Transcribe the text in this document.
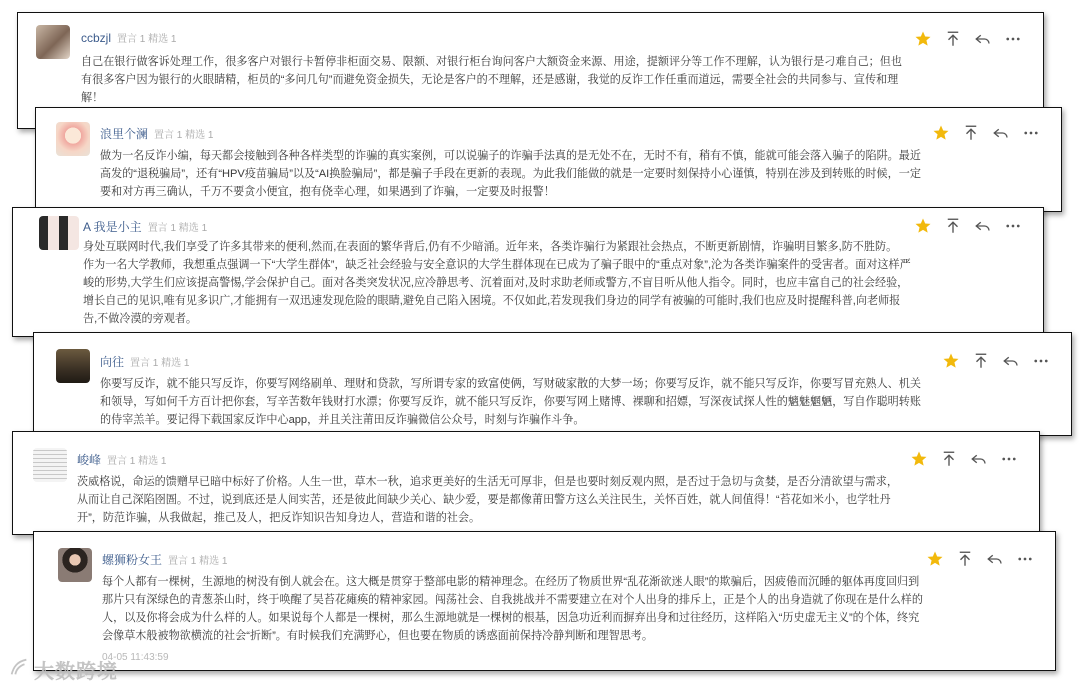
ccbzjl 置言 1 精选 1
自己在银行做客诉处理工作，很多客户对银行卡暂停非柜面交易、限额、对银行柜台询问客户大额资金来源、用途，提额评分等工作不理解，认为银行是刁难自己；但也
有很多客户因为银行的火眼睛精，柜员的“多问几句”而避免资金损失，无论是客户的不理解，还是感谢，我觉的反诈工作任重而道远，需要全社会的共同参与、宣传和理
解！
浪里个澜 置言 1 精选 1
做为一名反诈小编，每天都会接触到各种各样类型的诈骗的真实案例，可以说骗子的诈骗手法真的是无处不在，无时不有，稍有不慎，能就可能会落入骗子的陷阱。最近
高发的“退税骗局”，还有“HPV疫苗骗局”以及“AI换脸骗局”，都是骗子手段在更新的表现。为此我们能做的就是一定要时刻保持小心谨慎，特别在涉及到转账的时候，一定
要和对方再三确认，千万不要贪小便宜，抱有侥幸心理，如果遇到了诈骗，一定要及时报警！
A 我是小主 置言 1 精选 1
身处互联网时代,我们享受了许多其带来的便利,然而,在表面的繁华背后,仍有不少暗涌。近年来，各类诈骗行为紧跟社会热点，不断更新剧情，诈骗明目繁多,防不胜防。
作为一名大学教师，我想重点强调一下“大学生群体”，缺乏社会经验与安全意识的大学生群体现在已成为了骗子眼中的“重点对象”,沦为各类诈骗案件的受害者。面对这样严
峻的形势,大学生们应该提高警惕,学会保护自己。面对各类突发状况,应冷静思考、沉着面对,及时求助老师或警方,不盲目听从他人指令。同时，也应丰富自己的社会经验，
增长自己的见识,唯有见多识广,才能拥有一双迅速发现危险的眼睛,避免自己陷入困境。不仅如此,若发现我们身边的同学有被骗的可能时,我们也应及时提醒科普,向老师报
告,不做冷漠的旁观者。
向往 置言 1 精选 1
你要写反诈，就不能只写反诈，你要写网络刷单、理财和贷款，写所谓专家的致富使俩，写财破家散的大梦一场；你要写反诈，就不能只写反诈，你要写冒充熟人、机关
和领导，写如何千方百计把你套，写辛苦数年钱财打水漂；你要写反诈，就不能只写反诈，你要写网上赌博、裸聊和招嫖，写深夜试探人性的魑魅魍魉，写自作聪明转账
的侍宰羔羊。要记得下载国家反诈中心app，并且关注莆田反诈骗微信公众号，时刻与诈骗作斗争。
峻峰 置言 1 精选 1
茨威格说，命运的馈赠早已暗中标好了价格。人生一世，草木一秋，追求更美好的生活无可厚非，但是也要时刻反观内照，是否过于急切与贪婪，是否分清欲望与需求，
从而让自己深陷囹圄。不过，说到底还是人间实苦，还是彼此间缺少关心、缺少爱，要是都像莆田警方这么关注民生，关怀百姓，就人间值得！“苔花如米小，也学牡丹
开”，防范诈骗，从我做起，推己及人，把反诈知识告知身边人，营造和谐的社会。
螺狮粉女王 置言 1 精选 1
每个人都有一棵树，生源地的树没有倒人就会在。这大概是贯穿于整部电影的精神理念。在经历了物质世界“乱花渐欲迷人眼”的欺骗后，因疲倦而沉睡的躯体再度回归到
那片只有深绿色的青葱茶山时，终于唤醒了吴苔花瘫痪的精神家园。闯荡社会、自我挑战并不需要建立在对个人出身的排斥上，正是个人的出身造就了你现在是什么样的
人，以及你将会成为什么样的人。如果说每个人都是一棵树，那么生源地就是一棵树的根基，因急功近利而摒弃出身和过往经历，这样陷入“历史虚无主义”的个体，终究
会像草木般被物欲横流的社会“折断”。有时候我们充满野心，但也要在物质的诱惑面前保持冷静判断和理智思考。
04-05 11:43:59
大数跨境
